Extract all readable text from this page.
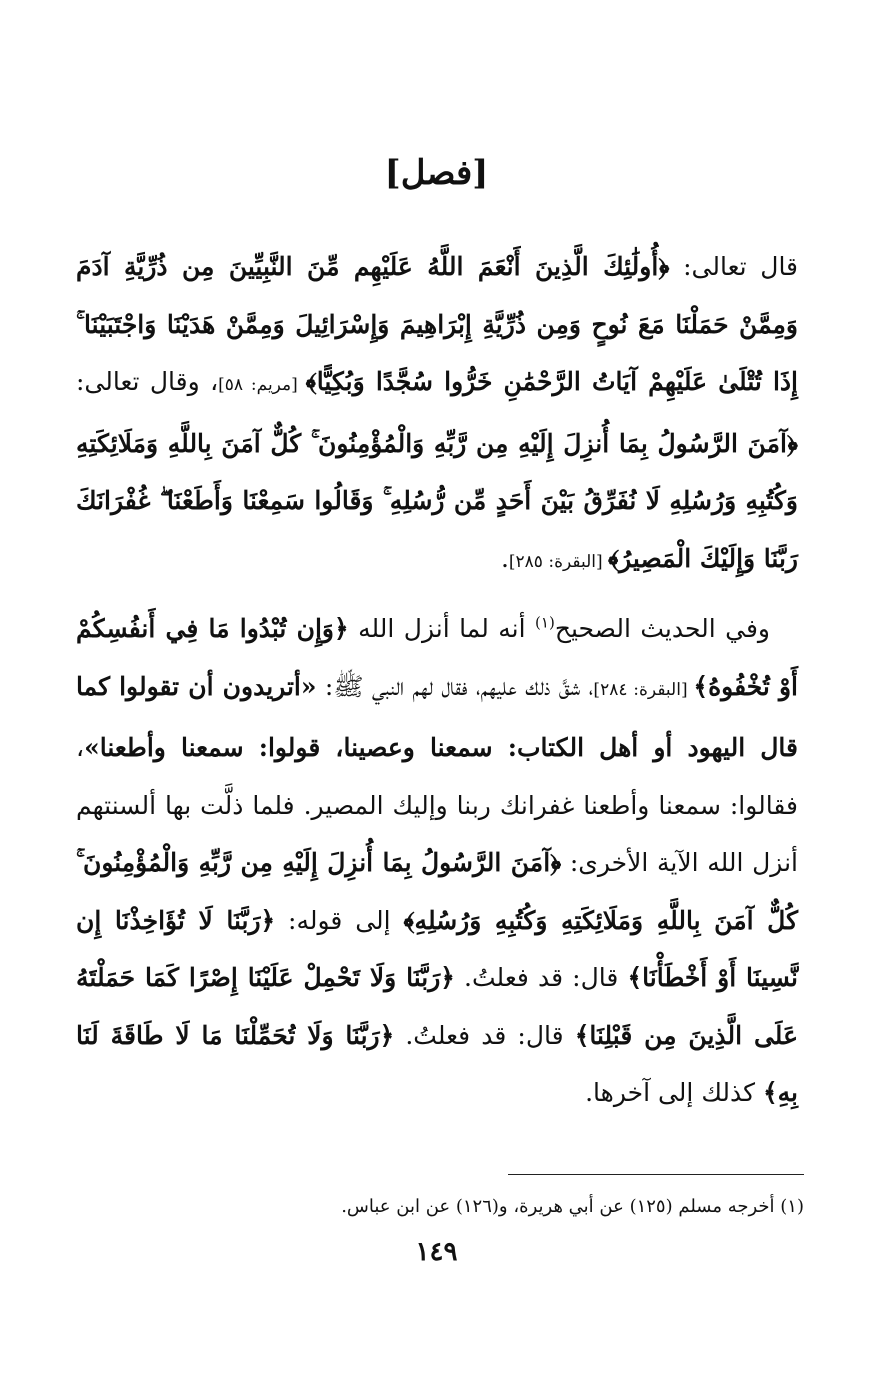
[فصل]
قال تعالى: ﴿أُولَٰئِكَ الَّذِينَ أَنْعَمَ اللَّهُ عَلَيْهِم مِّنَ النَّبِيِّينَ مِن ذُرِّيَّةِ آدَمَ وَمِمَّنْ حَمَلْنَا مَعَ نُوحٍ وَمِن ذُرِّيَّةِ إِبْرَاهِيمَ وَإِسْرَائِيلَ وَمِمَّنْ هَدَيْنَا وَاجْتَبَيْنَا ۚ إِذَا تُتْلَىٰ عَلَيْهِمْ آيَاتُ الرَّحْمَٰنِ خَرُّوا سُجَّدًا وَبُكِيًّا﴾ [مريم: ٥٨]، وقال تعالى: ﴿آمَنَ الرَّسُولُ بِمَا أُنزِلَ إِلَيْهِ مِن رَّبِّهِ وَالْمُؤْمِنُونَ ۚ كُلٌّ آمَنَ بِاللَّهِ وَمَلَائِكَتِهِ وَكُتُبِهِ وَرُسُلِهِ لَا نُفَرِّقُ بَيْنَ أَحَدٍ مِّن رُّسُلِهِ ۚ وَقَالُوا سَمِعْنَا وَأَطَعْنَا ۖ غُفْرَانَكَ رَبَّنَا وَإِلَيْكَ الْمَصِيرُ﴾ [البقرة: ٢٨٥].
وفي الحديث الصحيح$^{(١)}$ أنه لما أنزل الله ﴿وَإِن تُبْدُوا مَا فِي أَنفُسِكُمْ أَوْ تُخْفُوهُ﴾ [البقرة: ٢٨٤]، شقَّ ذلك عليهم، فقال لهم النبي ﷺ: «أتريدون أن تقولوا كما قال اليهود أو أهل الكتاب: سمعنا وعصينا، قولوا: سمعنا وأطعنا»، فقالوا: سمعنا وأطعنا غفرانك ربنا وإليك المصير. فلما ذلَّت بها ألسنتهم أنزل الله الآية الأخرى: ﴿آمَنَ الرَّسُولُ بِمَا أُنزِلَ إِلَيْهِ مِن رَّبِّهِ وَالْمُؤْمِنُونَ ۚ كُلٌّ آمَنَ بِاللَّهِ وَمَلَائِكَتِهِ وَكُتُبِهِ وَرُسُلِهِ﴾ إلى قوله: ﴿رَبَّنَا لَا تُؤَاخِذْنَا إِن نَّسِينَا أَوْ أَخْطَأْنَا﴾ قال: قد فعلتُ. ﴿رَبَّنَا وَلَا تَحْمِلْ عَلَيْنَا إِصْرًا كَمَا حَمَلْتَهُ عَلَى الَّذِينَ مِن قَبْلِنَا﴾ قال: قد فعلتُ. ﴿رَبَّنَا وَلَا تُحَمِّلْنَا مَا لَا طَاقَةَ لَنَا بِهِ﴾ كذلك إلى آخرها.
(١) أخرجه مسلم (١٢٥) عن أبي هريرة، و(١٢٦) عن ابن عباس.
١٤٩
